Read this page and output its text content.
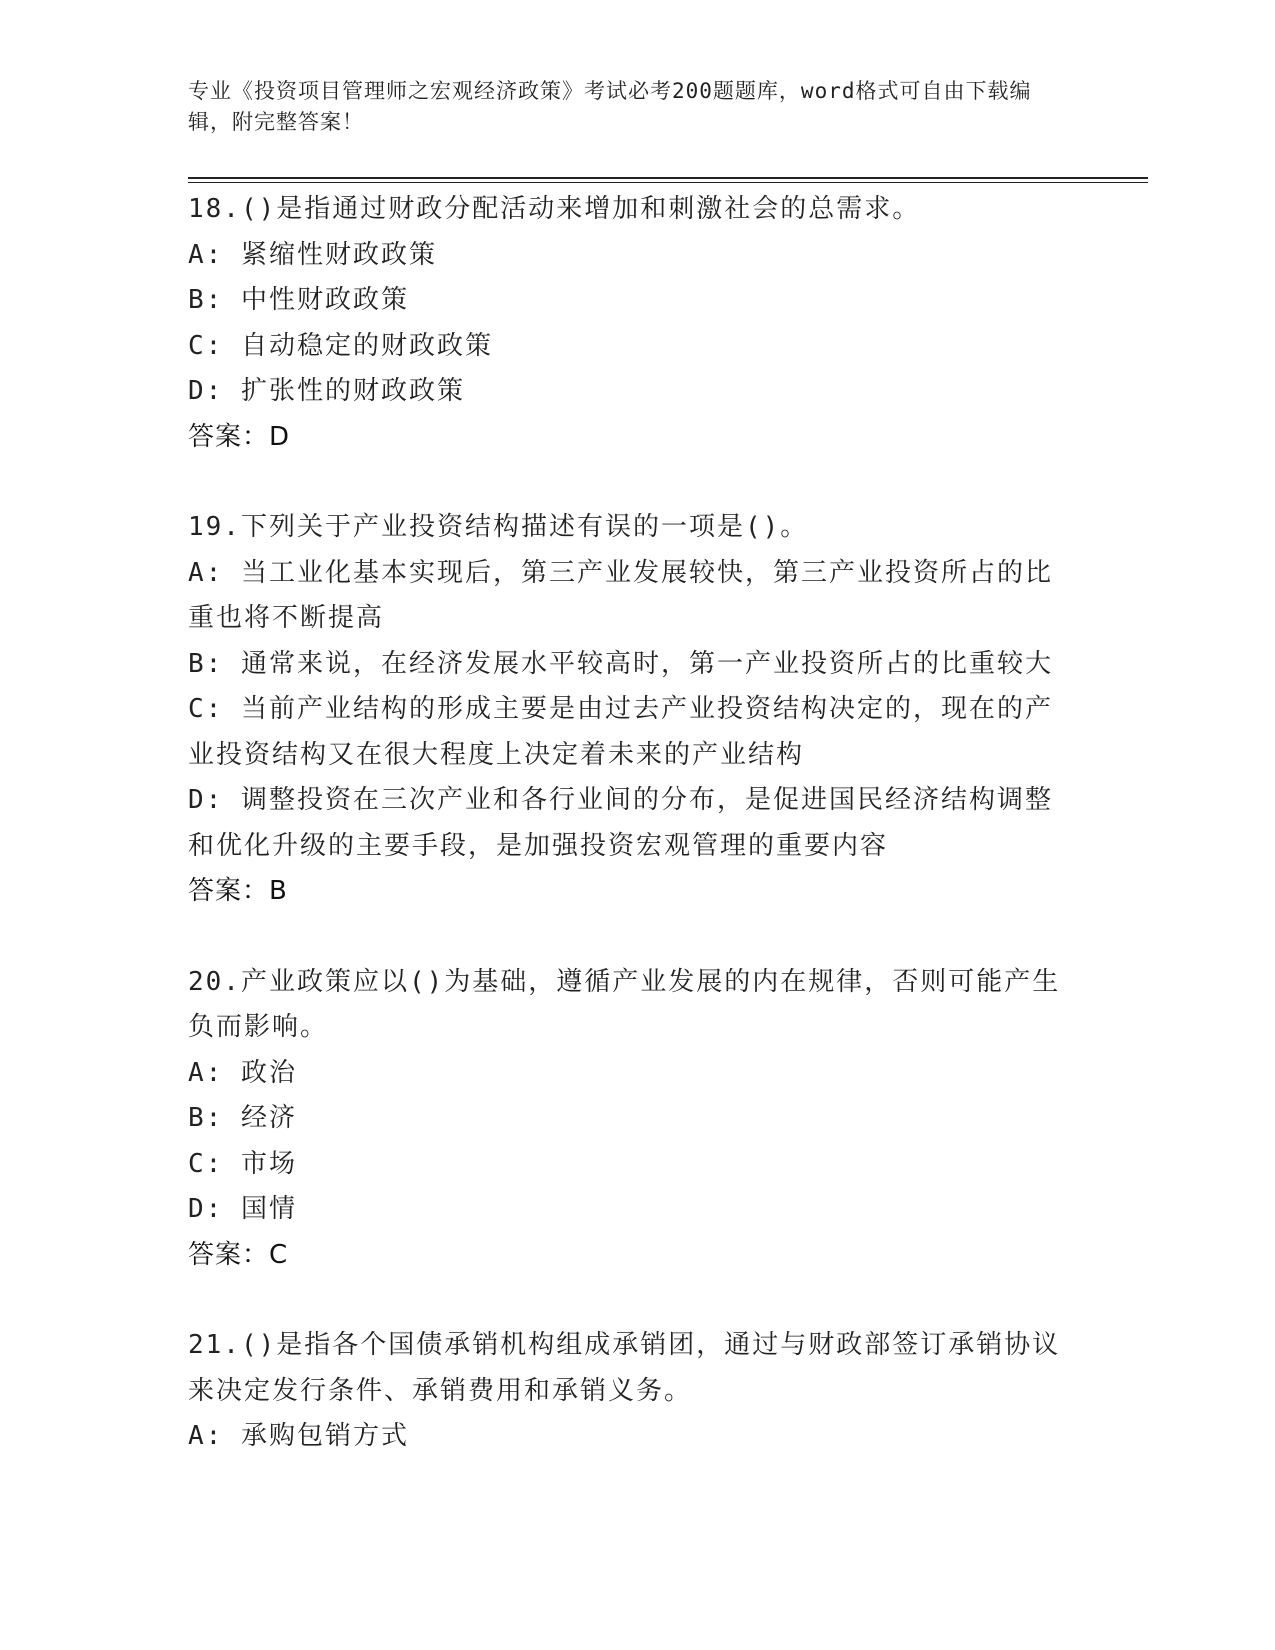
专业《投资项目管理师之宏观经济政策》考试必考200题题库，word格式可自由下载编辑，附完整答案！
18.()是指通过财政分配活动来增加和刺激社会的总需求。
A: 紧缩性财政政策
B: 中性财政政策
C: 自动稳定的财政政策
D: 扩张性的财政政策
答案：D
19.下列关于产业投资结构描述有误的一项是()。
A: 当工业化基本实现后，第三产业发展较快，第三产业投资所占的比重也将不断提高
B: 通常来说，在经济发展水平较高时，第一产业投资所占的比重较大
C: 当前产业结构的形成主要是由过去产业投资结构决定的，现在的产业投资结构又在很大程度上决定着未来的产业结构
D: 调整投资在三次产业和各行业间的分布，是促进国民经济结构调整和优化升级的主要手段，是加强投资宏观管理的重要内容
答案：B
20.产业政策应以()为基础，遵循产业发展的内在规律，否则可能产生负而影响。
A: 政治
B: 经济
C: 市场
D: 国情
答案：C
21.()是指各个国债承销机构组成承销团，通过与财政部签订承销协议来决定发行条件、承销费用和承销义务。
A: 承购包销方式
